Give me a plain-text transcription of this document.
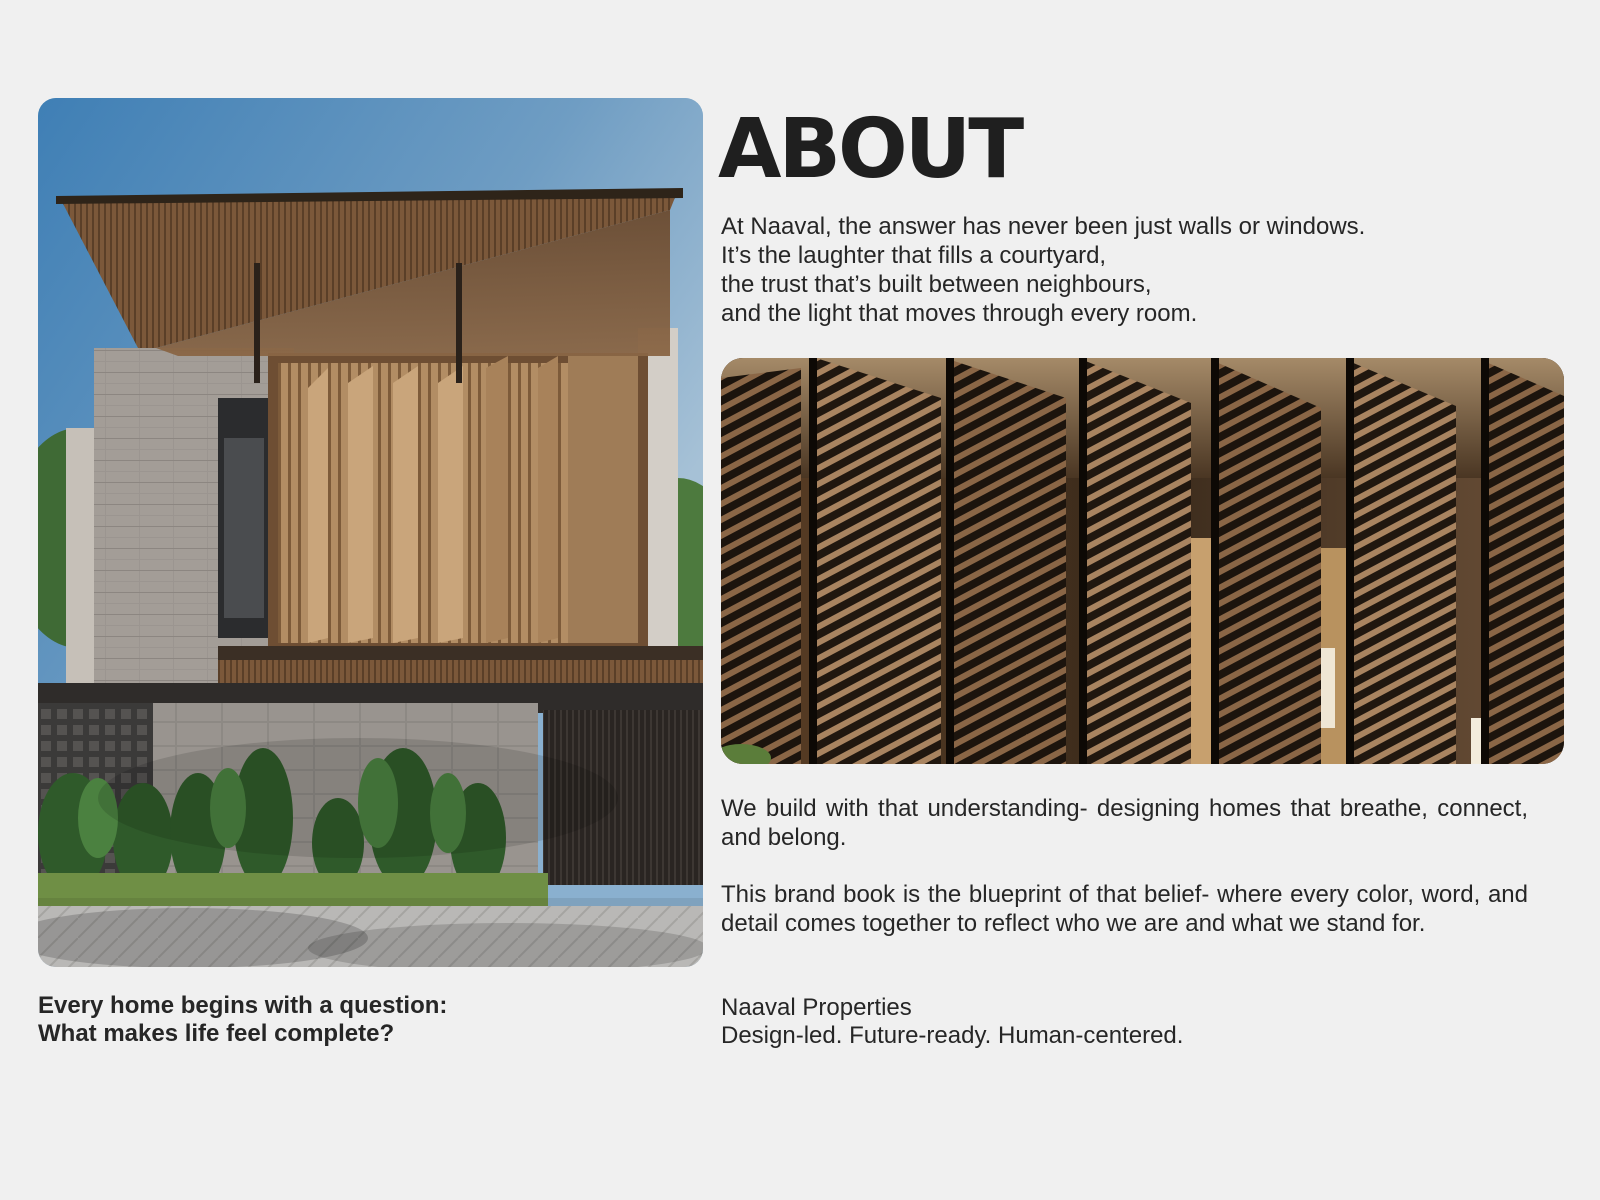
Every home begins with a question:
What makes life feel complete?
ABOUT
At Naaval, the answer has never been just walls or windows.
It’s the laughter that fills a courtyard,
the trust that’s built between neighbours,
and the light that moves through every room.

We build with that understanding- designing homes that breathe, connect, and belong.

This brand book is the blueprint of that belief- where every color, word, and detail comes together to reflect who we are and what we stand for.

Naaval Properties
Design-led. Future-ready. Human-centered.
